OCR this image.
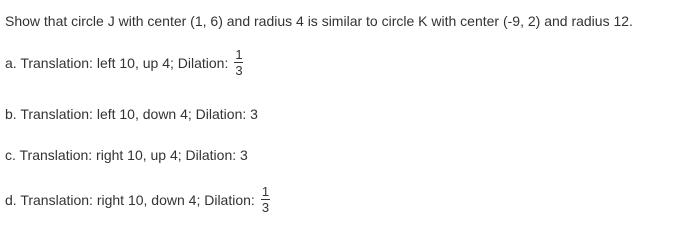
Show that circle J with center (1, 6) and radius 4 is similar to circle K with center (-9, 2) and radius 12.
a. Translation: left 10, up 4; Dilation: $\frac{1}{3}$
b. Translation: left 10, down 4; Dilation: 3
c. Translation: right 10, up 4; Dilation: 3
d. Translation: right 10, down 4; Dilation: $\frac{1}{3}$
